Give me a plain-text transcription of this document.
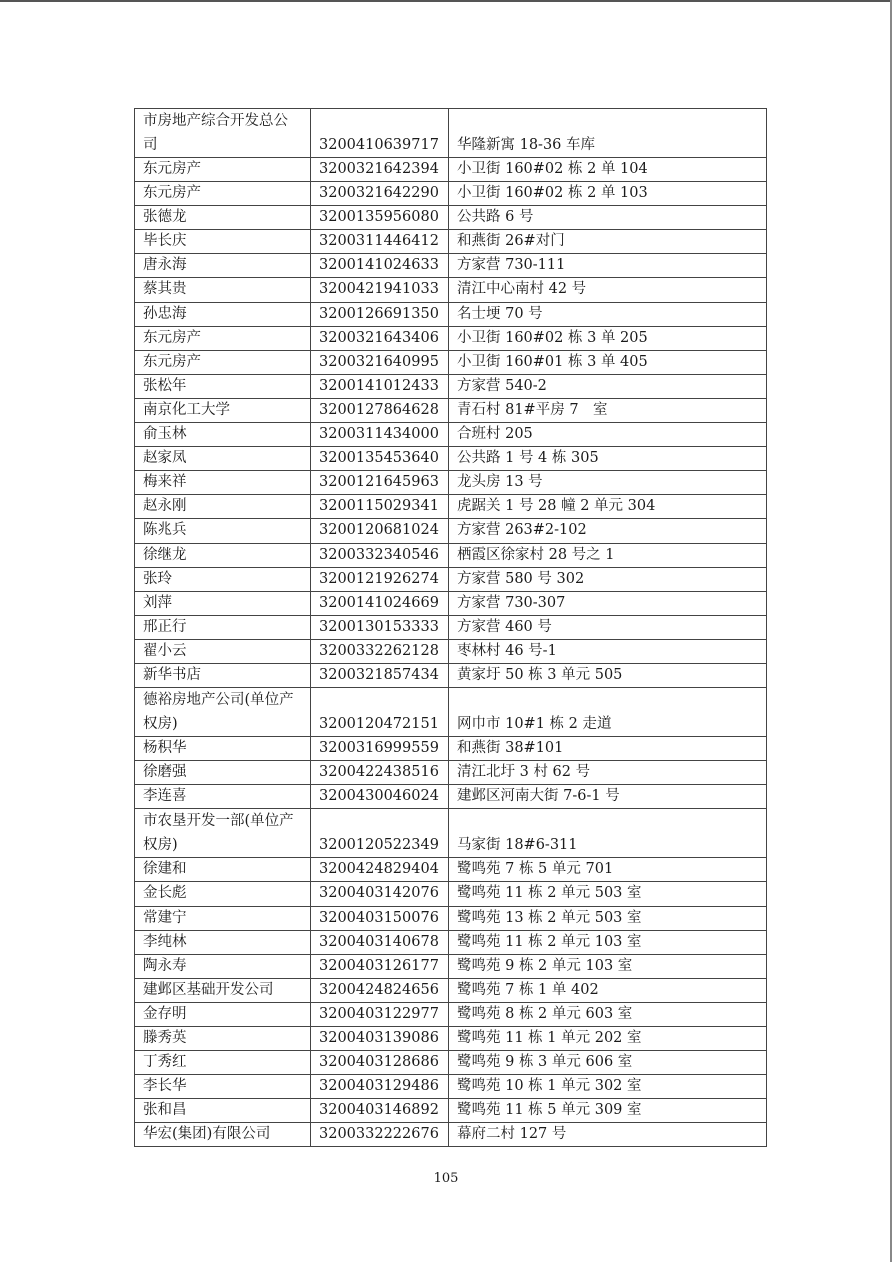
市房地产综合开发总公司	3200410639717	华隆新寓 18-36 车库
东元房产	3200321642394	小卫街 160#02 栋 2 单 104
东元房产	3200321642290	小卫街 160#02 栋 2 单 103
张德龙	3200135956080	公共路 6 号
毕长庆	3200311446412	和燕街 26#对门
唐永海	3200141024633	方家营 730-111
蔡其贵	3200421941033	清江中心南村 42 号
孙忠海	3200126691350	名士埂 70 号
东元房产	3200321643406	小卫街 160#02 栋 3 单 205
东元房产	3200321640995	小卫街 160#01 栋 3 单 405
张松年	3200141012433	方家营 540-2
南京化工大学	3200127864628	青石村 81#平房 7　室
俞玉林	3200311434000	合班村 205
赵家凤	3200135453640	公共路 1 号 4 栋 305
梅来祥	3200121645963	龙头房 13 号
赵永刚	3200115029341	虎踞关 1 号 28 幢 2 单元 304
陈兆兵	3200120681024	方家营 263#2-102
徐继龙	3200332340546	栖霞区徐家村 28 号之 1
张玲	3200121926274	方家营 580 号 302
刘萍	3200141024669	方家营 730-307
邢正行	3200130153333	方家营 460 号
翟小云	3200332262128	枣林村 46 号-1
新华书店	3200321857434	黄家圩 50 栋 3 单元 505
德裕房地产公司(单位产权房)	3200120472151	网巾市 10#1 栋 2 走道
杨积华	3200316999559	和燕街 38#101
徐磨强	3200422438516	清江北圩 3 村 62 号
李连喜	3200430046024	建邺区河南大街 7-6-1 号
市农垦开发一部(单位产权房)	3200120522349	马家街 18#6-311
徐建和	3200424829404	鹭鸣苑 7 栋 5 单元 701
金长彪	3200403142076	鹭鸣苑 11 栋 2 单元 503 室
常建宁	3200403150076	鹭鸣苑 13 栋 2 单元 503 室
李纯林	3200403140678	鹭鸣苑 11 栋 2 单元 103 室
陶永寿	3200403126177	鹭鸣苑 9 栋 2 单元 103 室
建邺区基础开发公司	3200424824656	鹭鸣苑 7 栋 1 单 402
金存明	3200403122977	鹭鸣苑 8 栋 2 单元 603 室
滕秀英	3200403139086	鹭鸣苑 11 栋 1 单元 202 室
丁秀红	3200403128686	鹭鸣苑 9 栋 3 单元 606 室
李长华	3200403129486	鹭鸣苑 10 栋 1 单元 302 室
张和昌	3200403146892	鹭鸣苑 11 栋 5 单元 309 室
华宏(集团)有限公司	3200332222676	幕府二村 127 号
105
